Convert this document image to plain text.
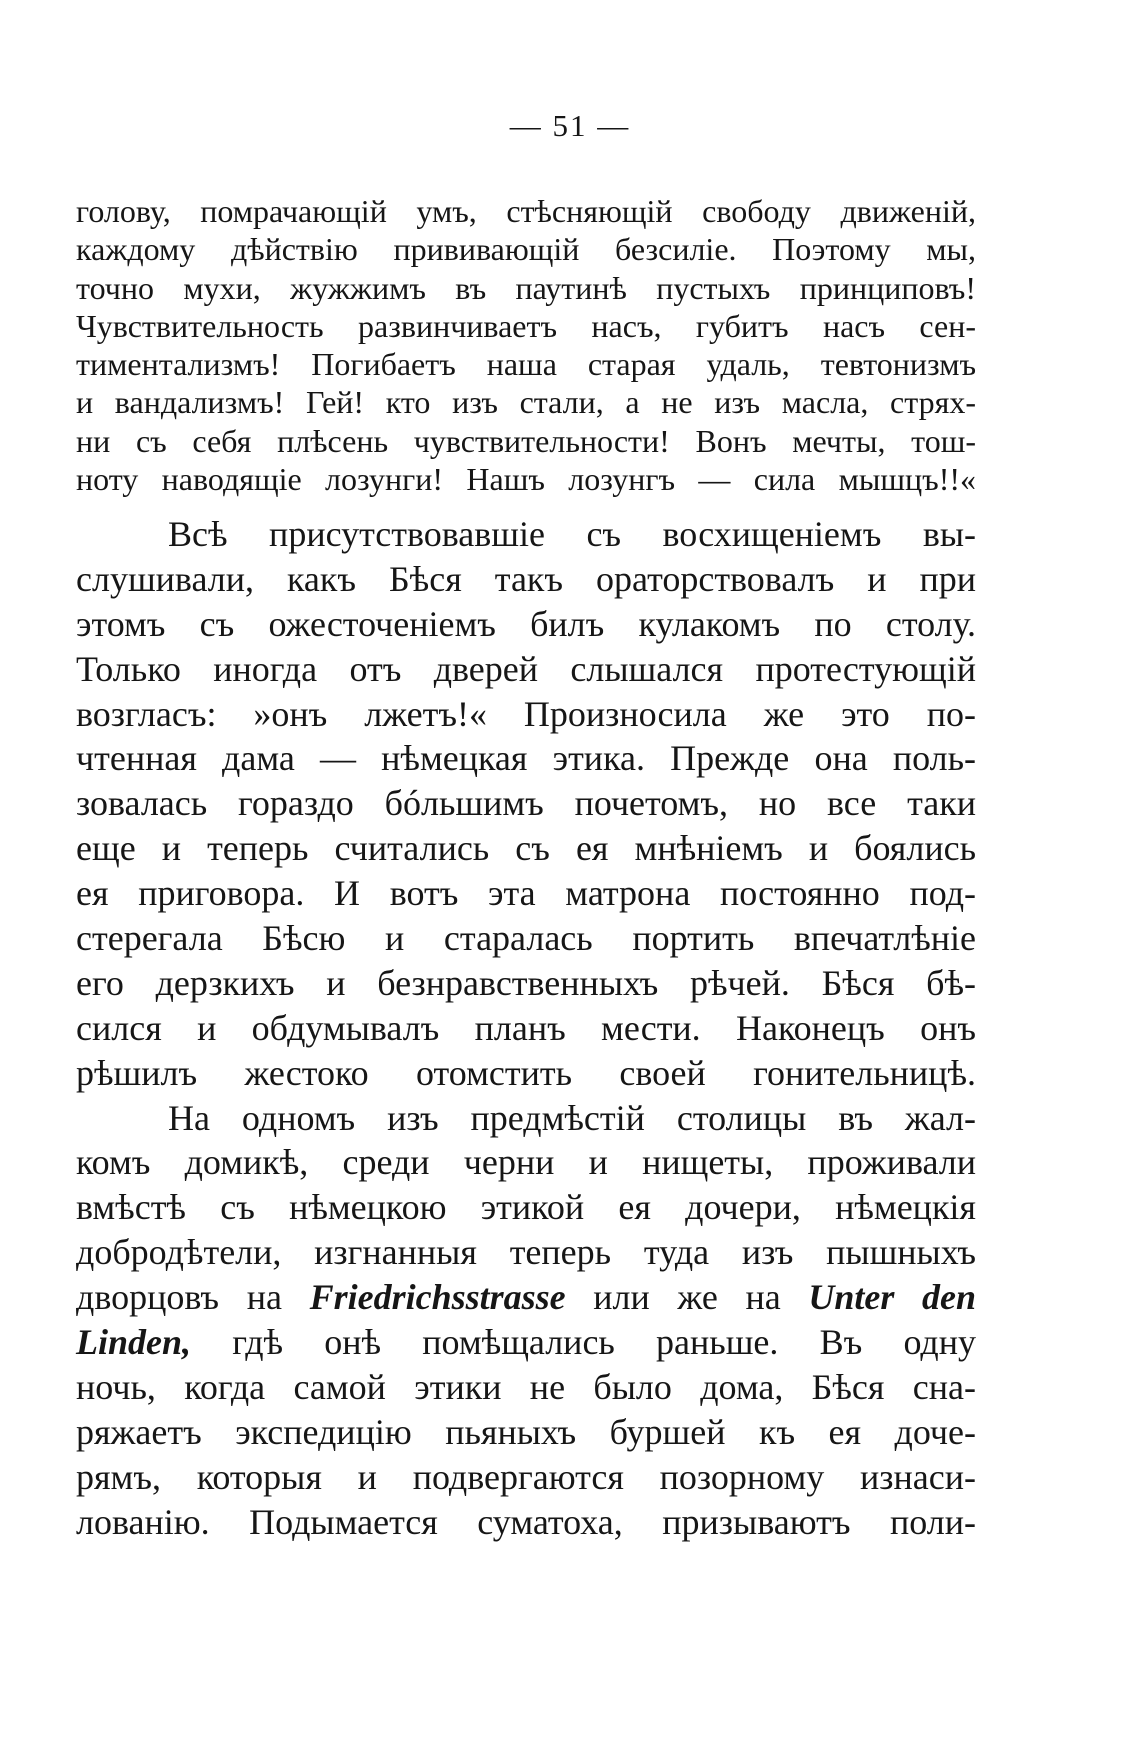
— 51 —
голову, помрачающій умъ, стѣсняющій свободу движеній,
каждому дѣйствію прививающій безсиліе. Поэтому мы,
точно мухи, жужжимъ въ паутинѣ пустыхъ принциповъ!
Чувствительность развинчиваетъ насъ, губитъ насъ сен-
тиментализмъ! Погибаетъ наша старая удаль, тевтонизмъ
и вандализмъ! Гей! кто изъ стали, а не изъ масла, стрях-
ни съ себя плѣсень чувствительности! Вонъ мечты, тош-
ноту наводящіе лозунги! Нашъ лозунгъ — сила мышцъ!!«
Всѣ присутствовавшіе съ восхищеніемъ вы-
слушивали, какъ Бѣся такъ ораторствовалъ и при
этомъ съ ожесточеніемъ билъ кулакомъ по столу.
Только иногда отъ дверей слышался протестующій
возгласъ: »онъ лжетъ!« Произносила же это по-
чтенная дама — нѣмецкая этика. Прежде она поль-
зовалась гораздо бóльшимъ почетомъ, но все таки
еще и теперь считались съ ея мнѣніемъ и боялись
ея приговора. И вотъ эта матрона постоянно под-
стерегала Бѣсю и старалась портить впечатлѣніе
его дерзкихъ и безнравственныхъ рѣчей. Бѣся бѣ-
сился и обдумывалъ планъ мести. Наконецъ онъ
рѣшилъ жестоко отомстить своей гонительницѣ.
На одномъ изъ предмѣстій столицы въ жал-
комъ домикѣ, среди черни и нищеты, проживали
вмѣстѣ съ нѣмецкою этикой ея дочери, нѣмецкія
добродѣтели, изгнанныя теперь туда изъ пышныхъ
дворцовъ на Friedrichsstrasse или же на Unter den
Linden, гдѣ онѣ помѣщались раньше. Въ одну
ночь, когда самой этики не было дома, Бѣся сна-
ряжаетъ экспедицію пьяныхъ буршей къ ея доче-
рямъ, которыя и подвергаются позорному изнаси-
лованію. Подымается суматоха, призываютъ поли-
